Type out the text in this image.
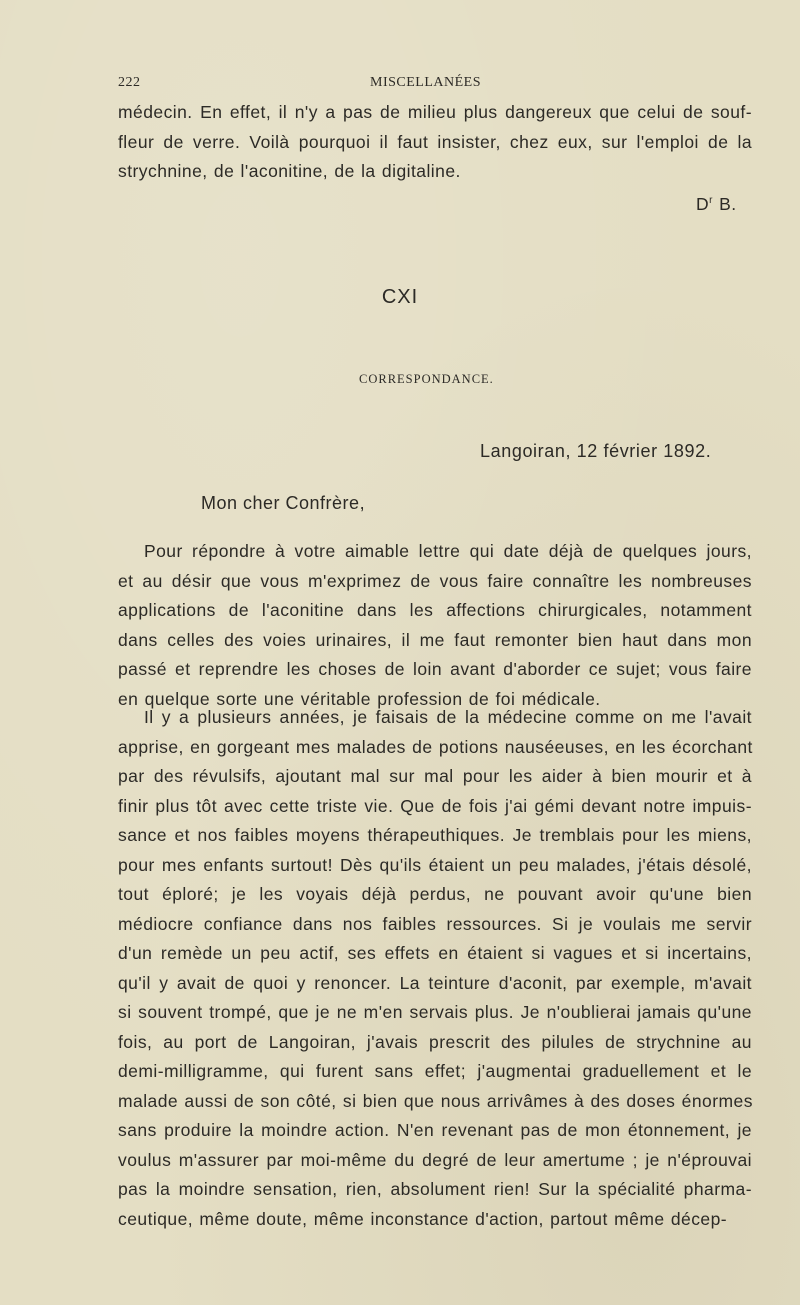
222	MISCELLANÉES
médecin. En effet, il n'y a pas de milieu plus dangereux que celui de souf-
fleur de verre. Voilà pourquoi il faut insister, chez eux, sur l'emploi de la
strychnine, de l'aconitine, de la digitaline.
$D^r$ B.
CXI
CORRESPONDANCE.
Langoiran, 12 février 1892.
Mon cher Confrère,
Pour répondre à votre aimable lettre qui date déjà de quelques jours,
et au désir que vous m'exprimez de vous faire connaître les nombreuses
applications de l'aconitine dans les affections chirurgicales, notamment
dans celles des voies urinaires, il me faut remonter bien haut dans mon
passé et reprendre les choses de loin avant d'aborder ce sujet; vous faire
en quelque sorte une véritable profession de foi médicale.
Il y a plusieurs années, je faisais de la médecine comme on me l'avait
apprise, en gorgeant mes malades de potions nauséeuses, en les écorchant
par des révulsifs, ajoutant mal sur mal pour les aider à bien mourir et à
finir plus tôt avec cette triste vie. Que de fois j'ai gémi devant notre impuis-
sance et nos faibles moyens thérapeuthiques. Je tremblais pour les miens,
pour mes enfants surtout! Dès qu'ils étaient un peu malades, j'étais désolé,
tout éploré; je les voyais déjà perdus, ne pouvant avoir qu'une bien
médiocre confiance dans nos faibles ressources. Si je voulais me servir
d'un remède un peu actif, ses effets en étaient si vagues et si incertains,
qu'il y avait de quoi y renoncer. La teinture d'aconit, par exemple, m'avait
si souvent trompé, que je ne m'en servais plus. Je n'oublierai jamais qu'une
fois, au port de Langoiran, j'avais prescrit des pilules de strychnine au
demi-milligramme, qui furent sans effet; j'augmentai graduellement et le
malade aussi de son côté, si bien que nous arrivâmes à des doses énormes
sans produire la moindre action. N'en revenant pas de mon étonnement, je
voulus m'assurer par moi-même du degré de leur amertume ; je n'éprouvai
pas la moindre sensation, rien, absolument rien! Sur la spécialité pharma-
ceutique, même doute, même inconstance d'action, partout même décep-
